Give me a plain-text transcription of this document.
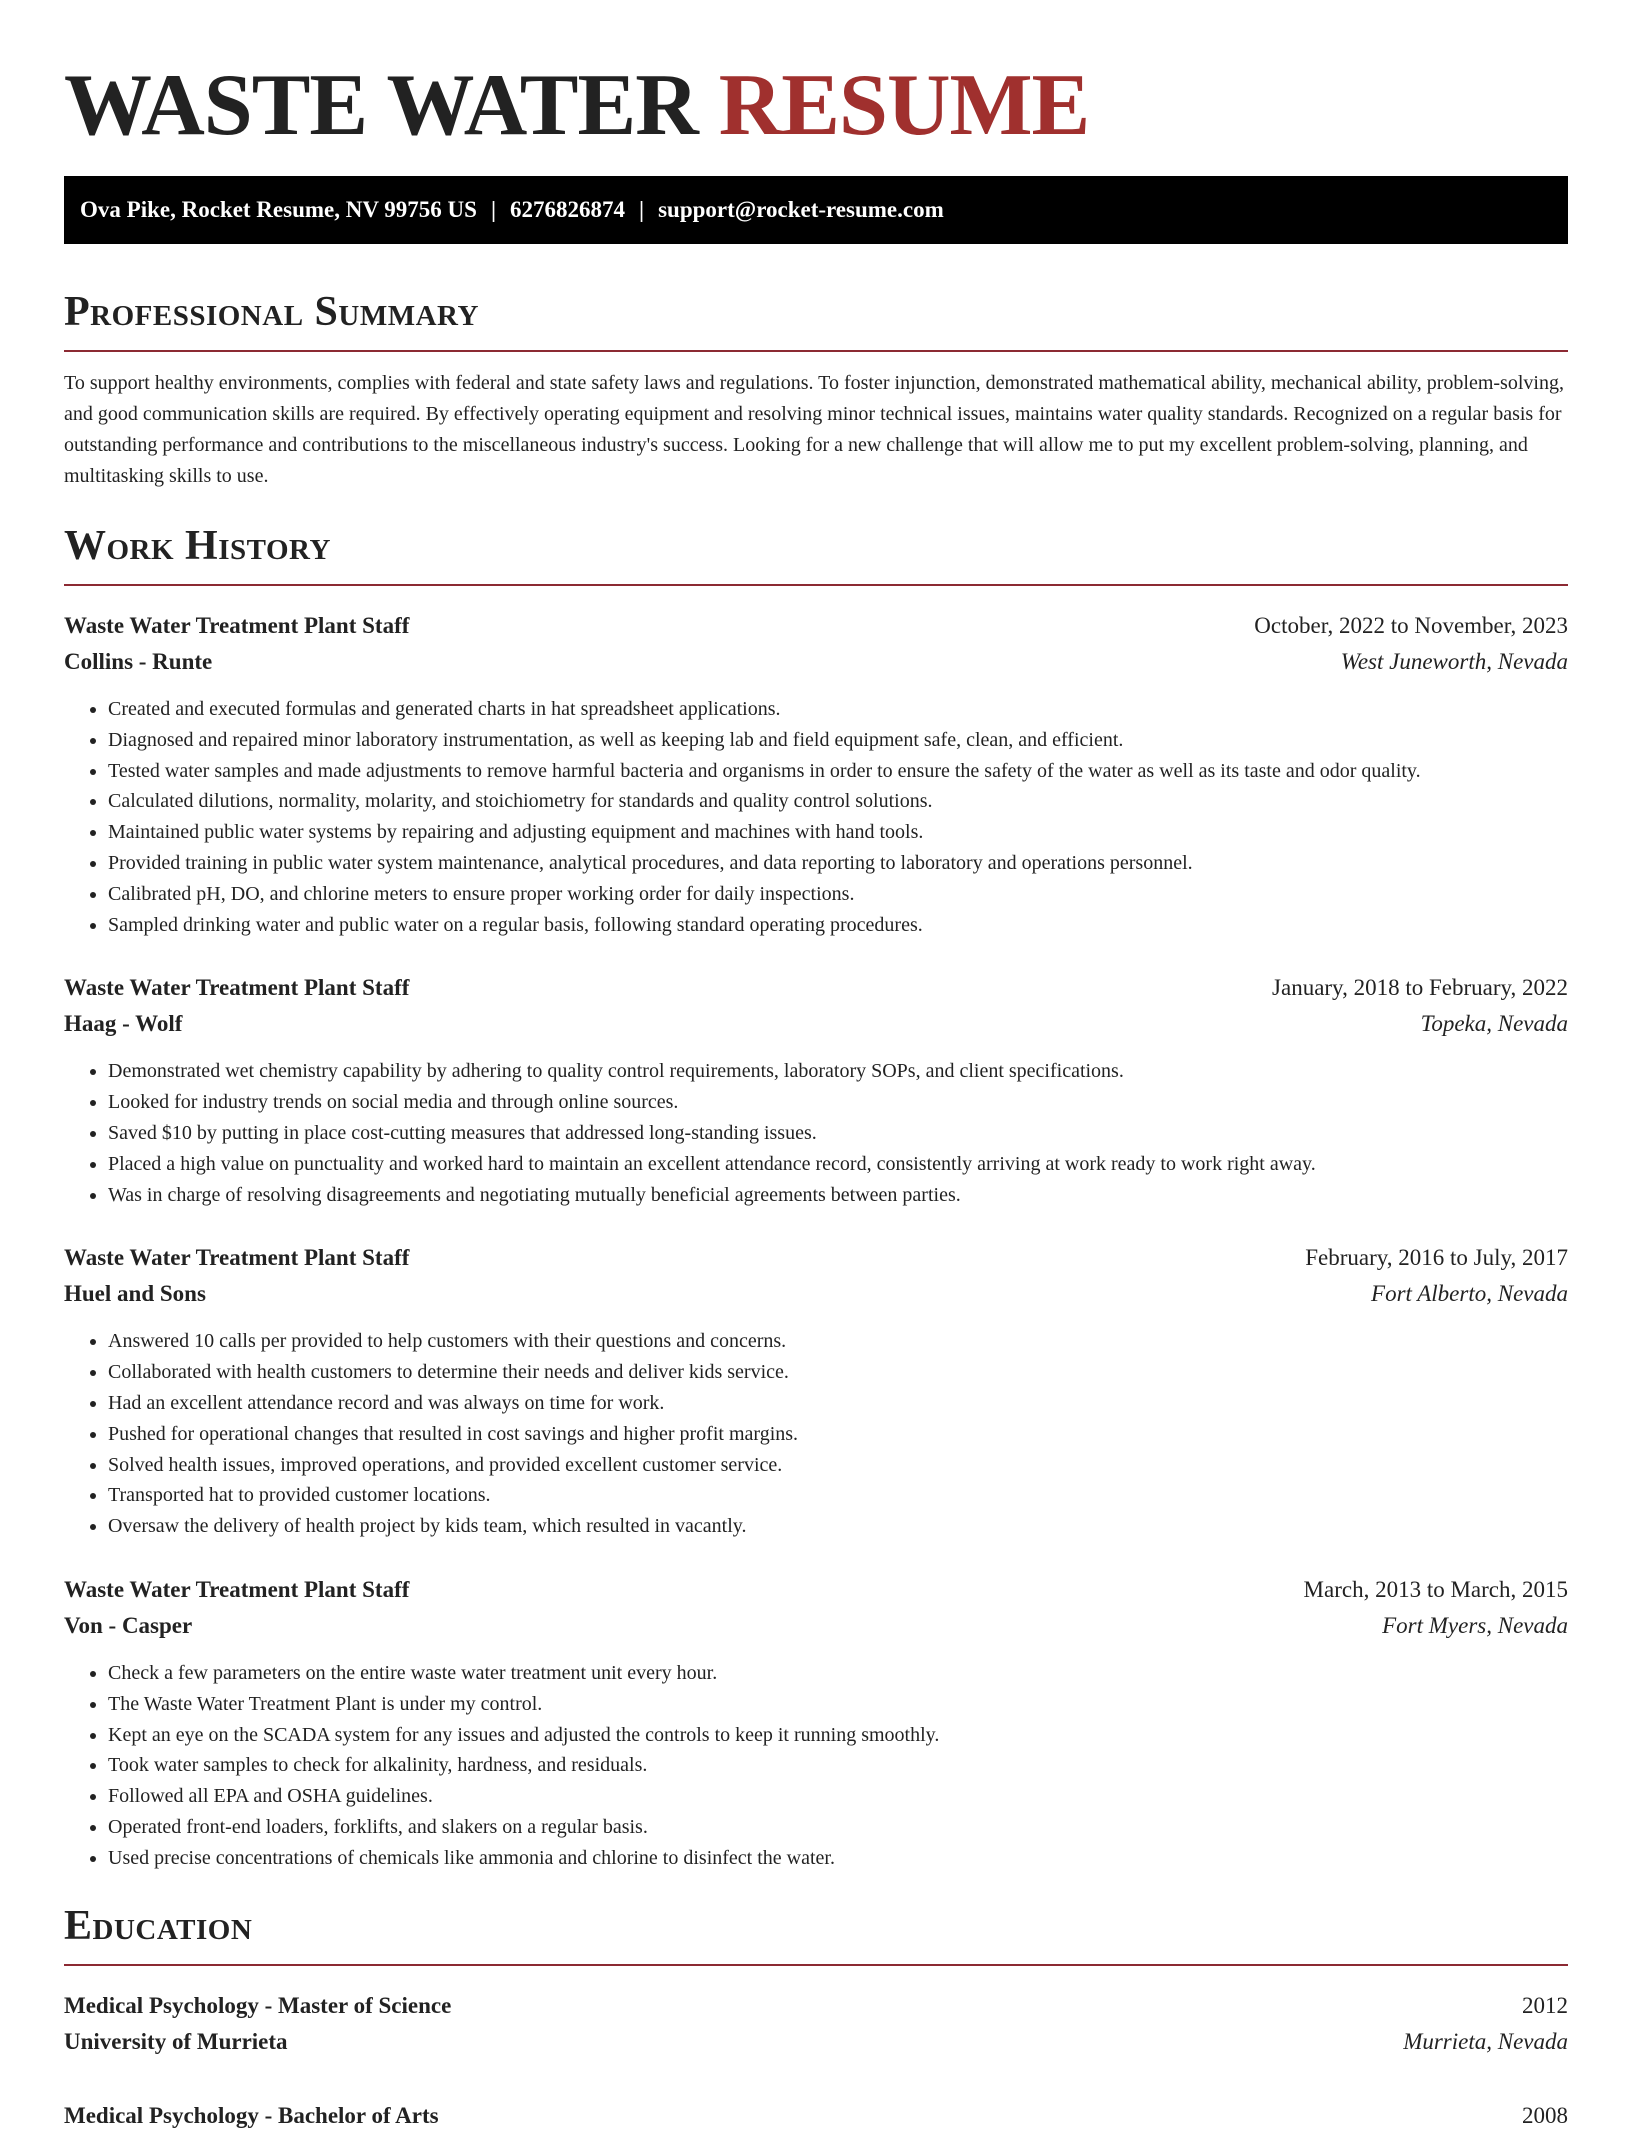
WASTE WATER RESUME
Ova Pike, Rocket Resume, NV 99756 US | 6276826874 | support@rocket-resume.com
Professional Summary

To support healthy environments, complies with federal and state safety laws and regulations. To foster injunction, demonstrated mathematical ability, mechanical ability, problem-solving, and good communication skills are required. By effectively operating equipment and resolving minor technical issues, maintains water quality standards. Recognized on a regular basis for outstanding performance and contributions to the miscellaneous industry's success. Looking for a new challenge that will allow me to put my excellent problem-solving, planning, and multitasking skills to use.

Work History
Waste Water Treatment Plant Staff	October, 2022 to November, 2023
Collins - Runte	West Juneworth, Nevada
• Created and executed formulas and generated charts in hat spreadsheet applications.
• Diagnosed and repaired minor laboratory instrumentation, as well as keeping lab and field equipment safe, clean, and efficient.
• Tested water samples and made adjustments to remove harmful bacteria and organisms in order to ensure the safety of the water as well as its taste and odor quality.
• Calculated dilutions, normality, molarity, and stoichiometry for standards and quality control solutions.
• Maintained public water systems by repairing and adjusting equipment and machines with hand tools.
• Provided training in public water system maintenance, analytical procedures, and data reporting to laboratory and operations personnel.
• Calibrated pH, DO, and chlorine meters to ensure proper working order for daily inspections.
• Sampled drinking water and public water on a regular basis, following standard operating procedures.
Waste Water Treatment Plant Staff	January, 2018 to February, 2022
Haag - Wolf	Topeka, Nevada
• Demonstrated wet chemistry capability by adhering to quality control requirements, laboratory SOPs, and client specifications.
• Looked for industry trends on social media and through online sources.
• Saved $10 by putting in place cost-cutting measures that addressed long-standing issues.
• Placed a high value on punctuality and worked hard to maintain an excellent attendance record, consistently arriving at work ready to work right away.
• Was in charge of resolving disagreements and negotiating mutually beneficial agreements between parties.
Waste Water Treatment Plant Staff	February, 2016 to July, 2017
Huel and Sons	Fort Alberto, Nevada
• Answered 10 calls per provided to help customers with their questions and concerns.
• Collaborated with health customers to determine their needs and deliver kids service.
• Had an excellent attendance record and was always on time for work.
• Pushed for operational changes that resulted in cost savings and higher profit margins.
• Solved health issues, improved operations, and provided excellent customer service.
• Transported hat to provided customer locations.
• Oversaw the delivery of health project by kids team, which resulted in vacantly.
Waste Water Treatment Plant Staff	March, 2013 to March, 2015
Von - Casper	Fort Myers, Nevada
• Check a few parameters on the entire waste water treatment unit every hour.
• The Waste Water Treatment Plant is under my control.
• Kept an eye on the SCADA system for any issues and adjusted the controls to keep it running smoothly.
• Took water samples to check for alkalinity, hardness, and residuals.
• Followed all EPA and OSHA guidelines.
• Operated front-end loaders, forklifts, and slakers on a regular basis.
• Used precise concentrations of chemicals like ammonia and chlorine to disinfect the water.
Education
Medical Psychology - Master of Science	2012
University of Murrieta	Murrieta, Nevada
Medical Psychology - Bachelor of Arts	2008
